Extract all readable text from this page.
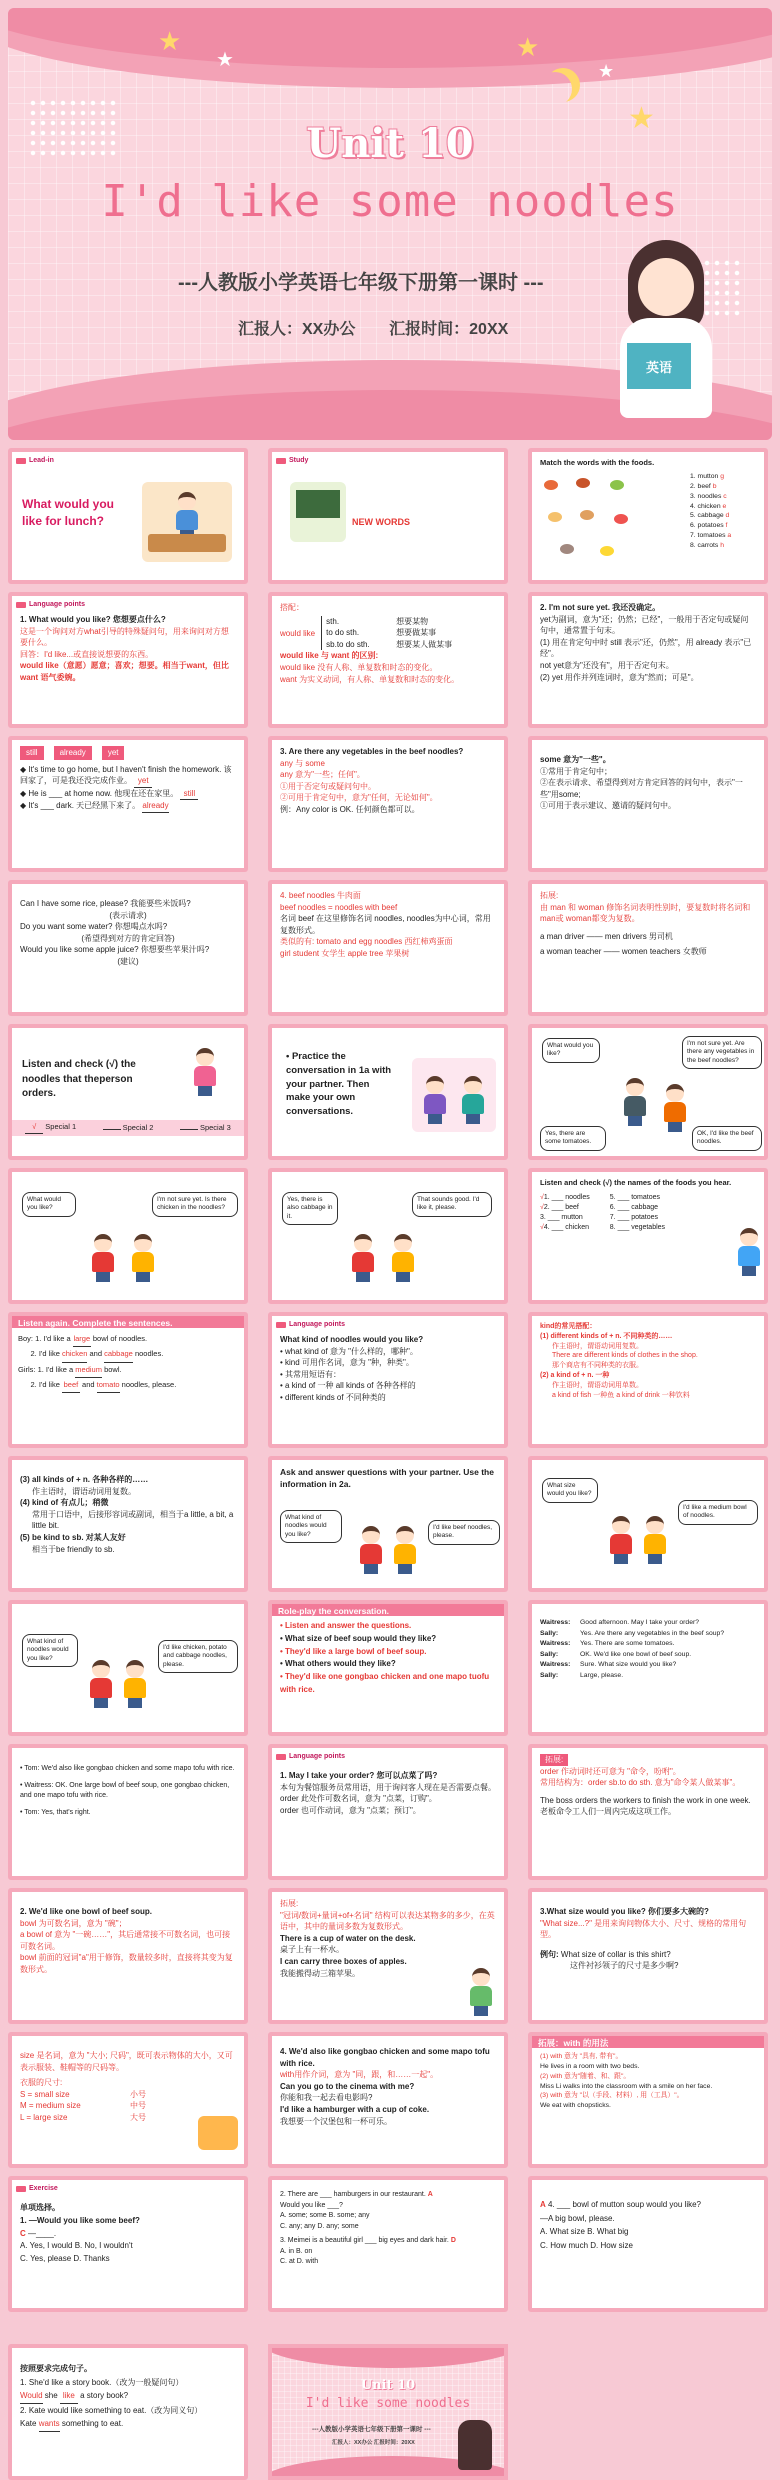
★
★	★
★
★
Unit 10
I'd like some noodles
---人教版小学英语七年级下册第一课时 ---
汇报人：XX办公 汇报时间：20XX
英语
Lead-in
What would you like for lunch?
Study
NEW WORDS
Match the words with the foods.
1. mutton g
2. beef b
3. noodles c
4. chicken e
5. cabbage d
6. potatoes f
7. tomatoes a
8. carrots h
Language points
1. What would you like? 您想要点什么?
这是一个询问对方what引导的特殊疑问句，用来询问对方想要什么。
回答：I'd like...或直接说想要的东西。
would like（意愿）愿意；喜欢；想要。相当于want，但比want 语气委婉。
搭配：
would like
sth.	想要某物
to do sth.	想要做某事
sb.to do sth.	想要某人做某事
would like 与 want 的区别:
would like 没有人称、单复数和时态的变化。
want 为实义动词，有人称、单复数和时态的变化。
2. I'm not sure yet. 我还没确定。
yet为副词，意为"还；仍然；已经"，一般用于否定句或疑问句中，通常置于句末。
(1) 用在肯定句中时 still 表示"还，仍然"，用 already 表示"已经"。
not yet意为"还没有"，用于否定句末。
(2) yet 用作并列连词时，意为"然而；可是"。
still	already	yet
◆ It's time to go home, but I haven't finish the homework. 该回家了，可是我还没完成作业。 yet
◆ He is ___ at home now. 他现在还在家里。 still
◆ It's ___ dark. 天已经黑下来了。 already
3. Are there any vegetables in the beef noodles?
any 与 some
any 意为"一些；任何"。
①用于否定句或疑问句中。
②可用于肯定句中，意为"任何，无论如何"。
例：Any color is OK. 任何颜色都可以。
some 意为"一些"。
①常用于肯定句中；
②在表示请求、希望得到对方肯定回答的问句中，表示"一些"用some;
①可用于表示建议、邀请的疑问句中。
Can I have some rice, please? 我能要些米饭吗?
(表示请求)
Do you want some water? 你想喝点水吗?
(希望得到对方的肯定回答)
Would you like some apple juice? 你想要些苹果汁吗?
(建议)
4. beef noodles 牛肉面
beef noodles = noodles with beef
名词 beef 在这里修饰名词 noodles, noodles为中心词，常用复数形式。
类似的有: tomato and egg noodles 西红柿鸡蛋面
girl student 女学生 apple tree 苹果树
拓展:
由 man 和 woman 修饰名词表明性别时，要复数时将名词和man或 woman都变为复数。
a man driver —— men drivers 男司机
a woman teacher —— women teachers 女教师
Listen and check (√) the noodles that theperson orders.
√ Special 1	Special 2	Special 3
• Practice the conversation in 1a with your partner. Then make your own conversations.
What would you like?
I'm not sure yet. Are there any vegetables in the beef noodles?
Yes, there are some tomatoes.
OK, I'd like the beef noodles.
What would you like?
I'm not sure yet. Is there chicken in the noodles?
Yes, there is also cabbage in it.
That sounds good. I'd like it, please.
Listen and check (√) the names of the foods you hear.
√1. ___ noodles
√2. ___ beef
3. ___ mutton
√4. ___ chicken
5. ___ tomatoes
6. ___ cabbage
7. ___ potatoes
8. ___ vegetables
Listen again. Complete the sentences.
Boy: 1. I'd like a large bowl of noodles.
2. I'd like chicken and cabbage noodles.
Girls: 1. I'd like a medium bowl.
2. I'd like beef and tomato noodles, please.
Language points
What kind of noodles would you like?
• what kind of 意为 "什么样的，哪种"。
• kind 可用作名词，意为 "种，种类"。
• 其常用短语有：
• a kind of 一种 all kinds of 各种各样的
• different kinds of 不同种类的
kind的常见搭配：
(1) different kinds of + n. 不同种类的……
作主语时，谓语动词用复数。
There are different kinds of clothes in the shop.
那个商店有不同种类的衣服。
(2) a kind of + n. 一种
作主语时，谓语动词用单数。
a kind of fish 一种鱼 a kind of drink 一种饮料
(3) all kinds of + n. 各种各样的……
作主语时，谓语动词用复数。
(4) kind of 有点儿；稍微
常用于口语中，后接形容词或副词，相当于a little, a bit, a little bit.
(5) be kind to sb. 对某人友好
相当于be friendly to sb.
Ask and answer questions with your partner. Use the information in 2a.
What kind of noodles would you like?
I'd like beef noodles, please.
What size would you like?
I'd like a medium bowl of noodles.
What kind of noodles would you like?
I'd like chicken, potato and cabbage noodles, please.
Role-play the conversation.
• Listen and answer the questions.
• What size of beef soup would they like?
• They'd like a large bowl of beef soup.
• What others would they like?
• They'd like one gongbao chicken and one mapo tuofu with rice.
Waitress: Good afternoon. May I take your order?
Sally:	Yes. Are there any vegetables in the beef soup?
Waitress: Yes. There are some tomatoes.
Sally:	OK. We'd like one bowl of beef soup.
Waitress: Sure. What size would you like?
Sally:	Large, please.
• Tom: We'd also like gongbao chicken and some mapo tofu with rice.
• Waitress: OK. One large bowl of beef soup, one gongbao chicken, and one mapo tofu with rice.
• Tom: Yes, that's right.
Language points
1. May I take your order? 您可以点菜了吗?
本句为餐馆服务员常用语，用于询问客人现在是否需要点餐。
order 此处作可数名词，意为 "点菜，订购"。
order 也可作动词，意为 "点菜；预订"。
拓展:
order 作动词时还可意为 "命令，吩咐"。
常用结构为：order sb.to do sth. 意为"命令某人做某事"。
The boss orders the workers to finish the work in one week. 老板命令工人们一周内完成这项工作。
2. We'd like one bowl of beef soup.
bowl 为可数名词，意为 "碗"；
a bowl of 意为 "一碗……"，其后通常接不可数名词，也可接可数名词。
bowl 前面的冠词"a"用于修饰，数量较多时，直接将其变为复数形式。
拓展:
"冠词/数词+量词+of+名词" 结构可以表达某物多的多少，在英语中，其中的量词多数为复数形式。
There is a cup of water on the desk.
桌子上有一杯水。
I can carry three boxes of apples.
我能搬得动三箱苹果。
3.What size would you like? 你们要多大碗的?
"What size...?" 是用来询问物体大小、尺寸、规格的常用句型。
例句: What size of collar is this shirt?
这件衬衫领子的尺寸是多少啊?
size 是名词，意为 "大小; 尺码"，既可表示物体的大小，又可表示服装、鞋帽等的尺码等。
衣服的尺寸:
S = small size	小号
M = medium size	中号
L = large size	大号
4. We'd also like gongbao chicken and some mapo tofu with rice.
with用作介词，意为 "同，跟，和……一起"。
Can you go to the cinema with me?
你能和我一起去看电影吗?
I'd like a hamburger with a cup of coke.
我想要一个汉堡包和一杯可乐。
拓展：with 的用法
(1) with 意为 "具有, 带有"。
He lives in a room with two beds.
(2) with 意为"随着、和、跟"。
Miss Li walks into the classroom with a smile on her face.
(3) with 意为 "以（手段、材料）, 用（工具）"。
We eat with chopsticks.
Exercise
单项选择。
1. —Would you like some beef?
C —____.
A. Yes, I would B. No, I wouldn't
C. Yes, please D. Thanks
2. There are ___ hamburgers in our restaurant. A
Would you like ___?
A. some; some B. some; any
C. any; any D. any; some
3. Meimei is a beautiful girl ___ big eyes and dark hair. D
A. in B. on
C. at D. with
A 4. ___ bowl of mutton soup would you like?
—A big bowl, please.
A. What size B. What big
C. How much D. How size
按照要求完成句子。
1. She'd like a story book.（改为一般疑问句）
Would she like a story book?
2. Kate would like something to eat.（改为同义句）
Kate wants something to eat.
Unit 10
I'd like some noodles
---人教版小学英语七年级下册第一课时 ---
汇报人：XX办公 汇报时间：20XX
